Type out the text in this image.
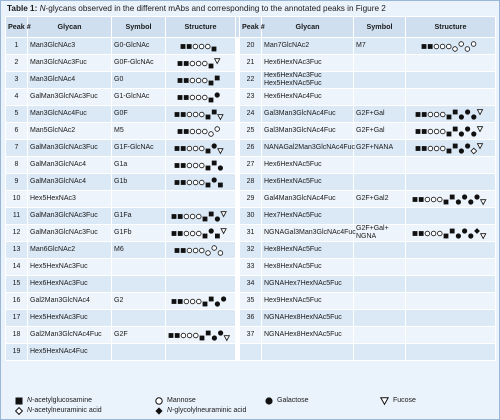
Table 1: N-glycans observed in the different mAbs and corresponding to the annotated peaks in Figure 2
Peak #	Glycan	Symbol	Structure		Peak #	Glycan	Symbol	Structure
1	Man3GlcNAc3	G0-GlcNAc			20	Man7GlcNAc2	M7	

2	Man3GlcNAc3Fuc	G0F-GlcNAc			21	Hex6HexNAc3Fuc		
3	Man3GlcNAc4	G0			22	Hex6HexNAc3Fuc
Hex5HexNAc5Fuc		
4	GalMan3GlcNAc3Fuc	G1-GlcNAc			23	Hex6HexNAc4Fuc		
5	Man3GlcNAc4Fuc	G0F			24	Gal3Man3GlcNAc4Fuc	G2F+Gal	

6	Man5GlcNAc2	M5			25	Gal3Man3GlcNAc4Fuc	G2F+Gal	

7	GalMan3GlcNAc3Fuc	G1F-GlcNAc			26	NANAGal2Man3GlcNAc4Fuc	G2F+NANA	

8	GalMan3GlcNAc4	G1a			27	Hex6HexNAc5Fuc		
9	GalMan3GlcNAc4	G1b			28	Hex6HexNAc5Fuc		
10	Hex5HexNAc3				29	Gal4Man3GlcNAc4Fuc	G2F+Gal2	

11	GalMan3GlcNAc3Fuc	G1Fa			30	Hex7HexNAc5Fuc		
12	GalMan3GlcNAc3Fuc	G1Fb			31	NGNAGal3Man3GlcNAc4Fuc	G2F+Gal+
NGNA	

13	Man6GlcNAc2	M6			32	Hex8HexNAc5Fuc		
14	Hex5HexNAc3Fuc				33	Hex8HexNAc5Fuc		
15	Hex6HexNAc3Fuc				34	NGNAHex7HexNAc5Fuc		
16	Gal2Man3GlcNAc4	G2			35	Hex9HexNAc5Fuc		
17	Hex5HexNAc3Fuc				36	NGNAHex8HexNAc5Fuc		
18	Gal2Man3GlcNAc4Fuc	G2F			37	NGNAHex8HexNAc5Fuc		
19	Hex5HexNAc4Fuc							
N-acetylglucosamine	Mannose	Galactose	Fucose
N-acetylneuraminic acid	N-glycolylneuraminic acid
